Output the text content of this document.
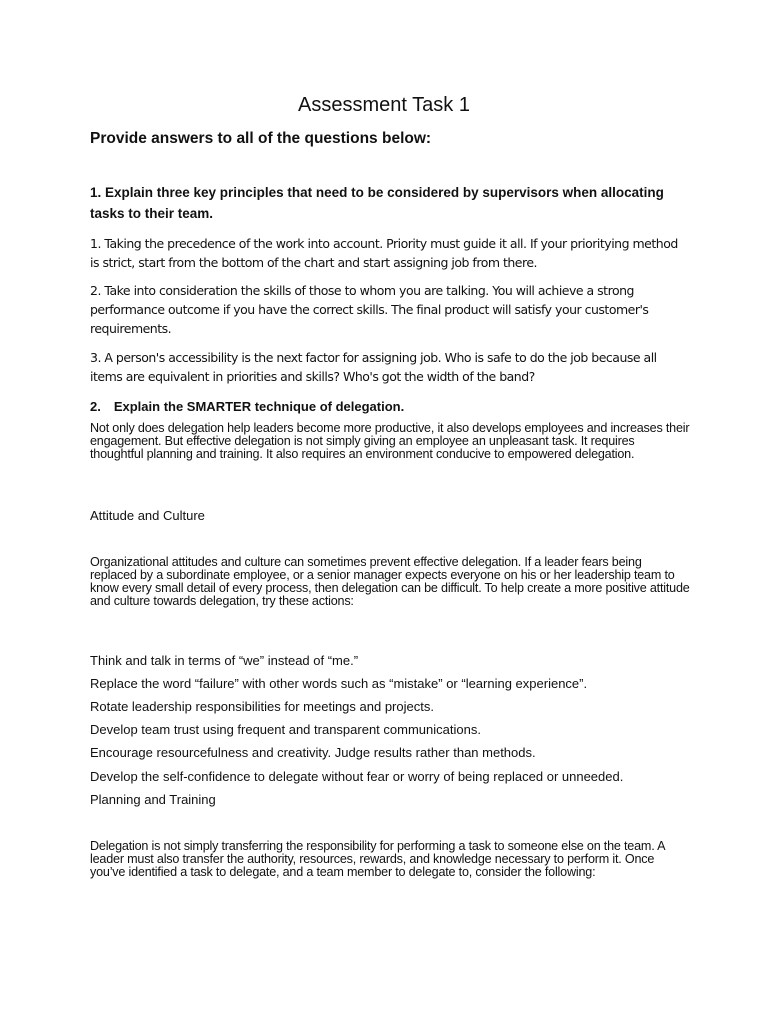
Assessment Task 1

Provide answers to all of the questions below:

1. Explain three key principles that need to be considered by supervisors when allocating tasks to their team.

1. Taking the precedence of the work into account. Priority must guide it all. If your prioritying method is strict, start from the bottom of the chart and start assigning job from there.

2. Take into consideration the skills of those to whom you are talking. You will achieve a strong performance outcome if you have the correct skills. The final product will satisfy your customer's requirements.

3. A person's accessibility is the next factor for assigning job. Who is safe to do the job because all items are equivalent in priorities and skills? Who's got the width of the band?

2. Explain the SMARTER technique of delegation.

Not only does delegation help leaders become more productive, it also develops employees and increases their engagement. But effective delegation is not simply giving an employee an unpleasant task. It requires thoughtful planning and training. It also requires an environment conducive to empowered delegation.

Attitude and Culture

Organizational attitudes and culture can sometimes prevent effective delegation. If a leader fears being replaced by a subordinate employee, or a senior manager expects everyone on his or her leadership team to know every small detail of every process, then delegation can be difficult. To help create a more positive attitude and culture towards delegation, try these actions:

Think and talk in terms of “we” instead of “me.”

Replace the word “failure” with other words such as “mistake” or “learning experience”.

Rotate leadership responsibilities for meetings and projects.

Develop team trust using frequent and transparent communications.

Encourage resourcefulness and creativity. Judge results rather than methods.

Develop the self-confidence to delegate without fear or worry of being replaced or unneeded.

Planning and Training

Delegation is not simply transferring the responsibility for performing a task to someone else on the team. A leader must also transfer the authority, resources, rewards, and knowledge necessary to perform it. Once you’ve identified a task to delegate, and a team member to delegate to, consider the following:
